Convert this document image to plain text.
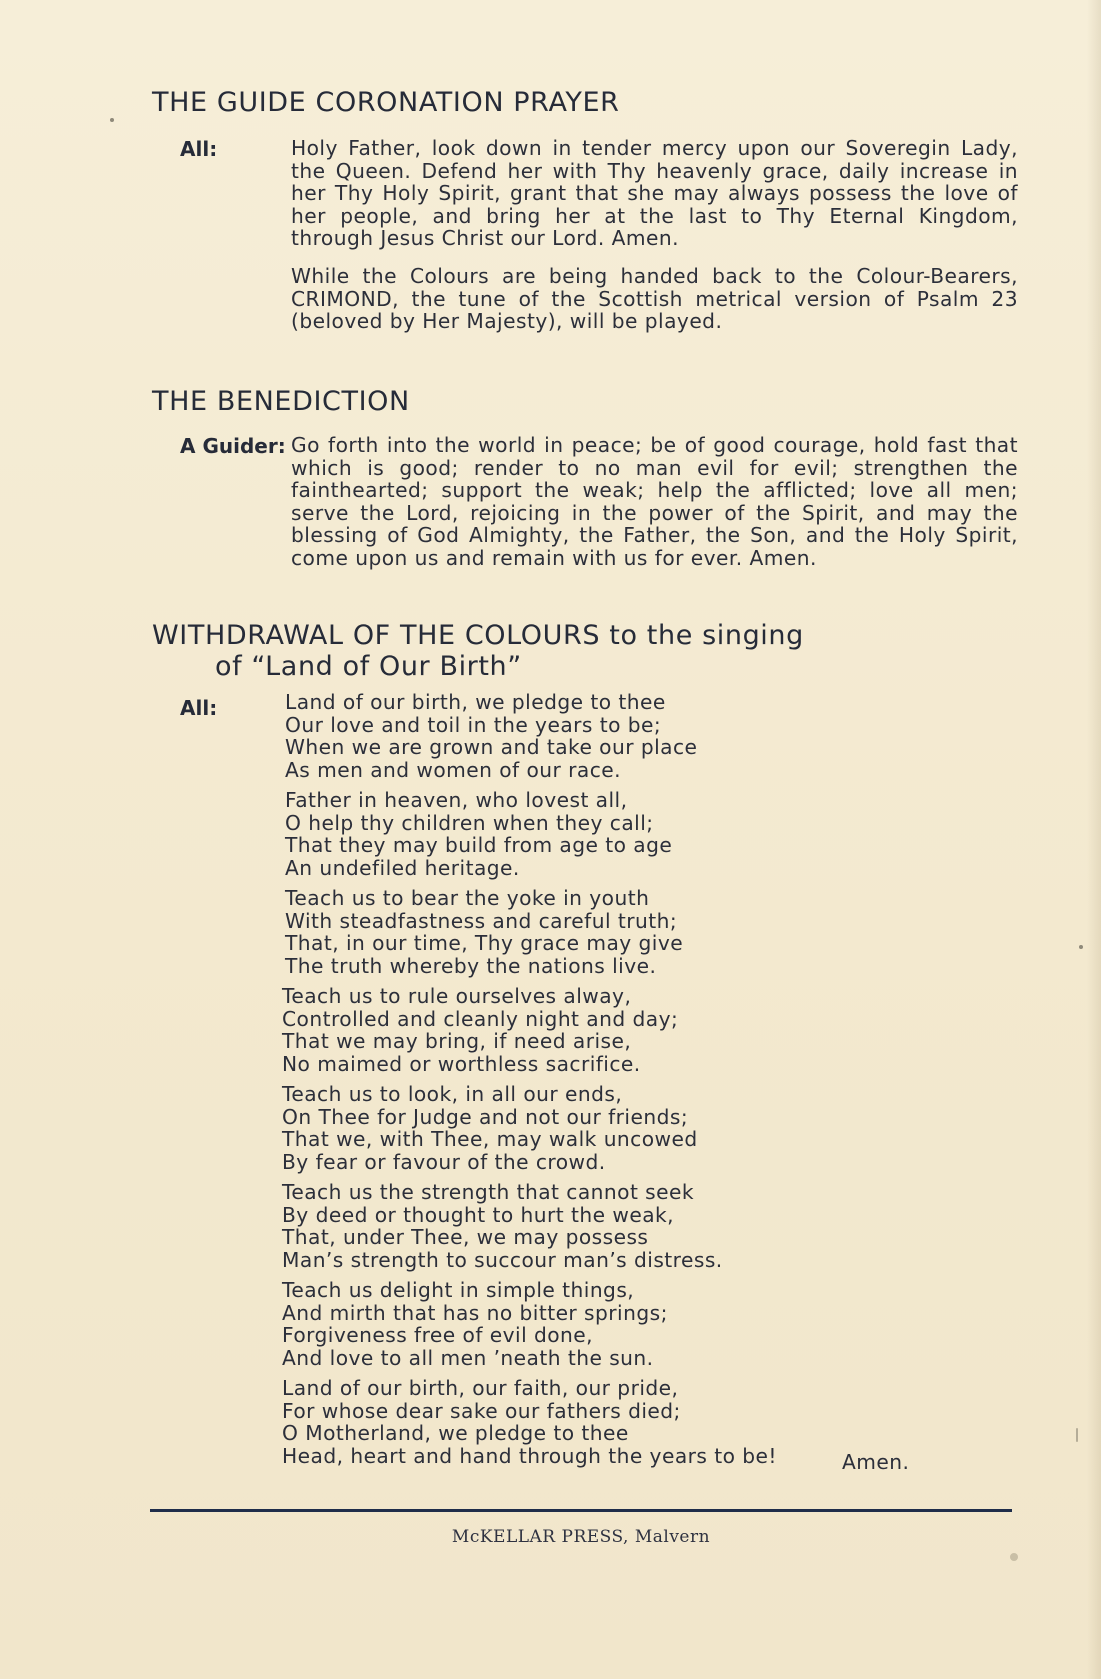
THE GUIDE CORONATION PRAYER
All:	Holy Father, look down in tender mercy upon our Soveregin Lady, the Queen. Defend her with Thy heavenly grace, daily increase in her Thy Holy Spirit, grant that she may always possess the love of her people, and bring her at the last to Thy Eternal Kingdom, through Jesus Christ our Lord. Amen.

While the Colours are being handed back to the Colour-Bearers, CRIMOND, the tune of the Scottish metrical version of Psalm 23 (beloved by Her Majesty), will be played.

THE BENEDICTION
A Guider: Go forth into the world in peace; be of good courage, hold fast that which is good; render to no man evil for evil; strengthen the fainthearted; support the weak; help the afflicted; love all men; serve the Lord, rejoicing in the power of the Spirit, and may the blessing of God Almighty, the Father, the Son, and the Holy Spirit, come upon us and remain with us for ever. Amen.

WITHDRAWAL OF THE COLOURS to the singing
of “Land of Our Birth”
All:	Land of our birth, we pledge to thee
Our love and toil in the years to be;
When we are grown and take our place
As men and women of our race.
Father in heaven, who lovest all,
O help thy children when they call;
That they may build from age to age
An undefiled heritage.
Teach us to bear the yoke in youth
With steadfastness and careful truth;
That, in our time, Thy grace may give
The truth whereby the nations live.
Teach us to rule ourselves alway,
Controlled and cleanly night and day;
That we may bring, if need arise,
No maimed or worthless sacrifice.
Teach us to look, in all our ends,
On Thee for Judge and not our friends;
That we, with Thee, may walk uncowed
By fear or favour of the crowd.
Teach us the strength that cannot seek
By deed or thought to hurt the weak,
That, under Thee, we may possess
Man’s strength to succour man’s distress.
Teach us delight in simple things,
And mirth that has no bitter springs;
Forgiveness free of evil done,
And love to all men ’neath the sun.
Land of our birth, our faith, our pride,
For whose dear sake our fathers died;
O Motherland, we pledge to thee
Head, heart and hand through the years to be!	Amen.
McKELLAR PRESS, Malvern
